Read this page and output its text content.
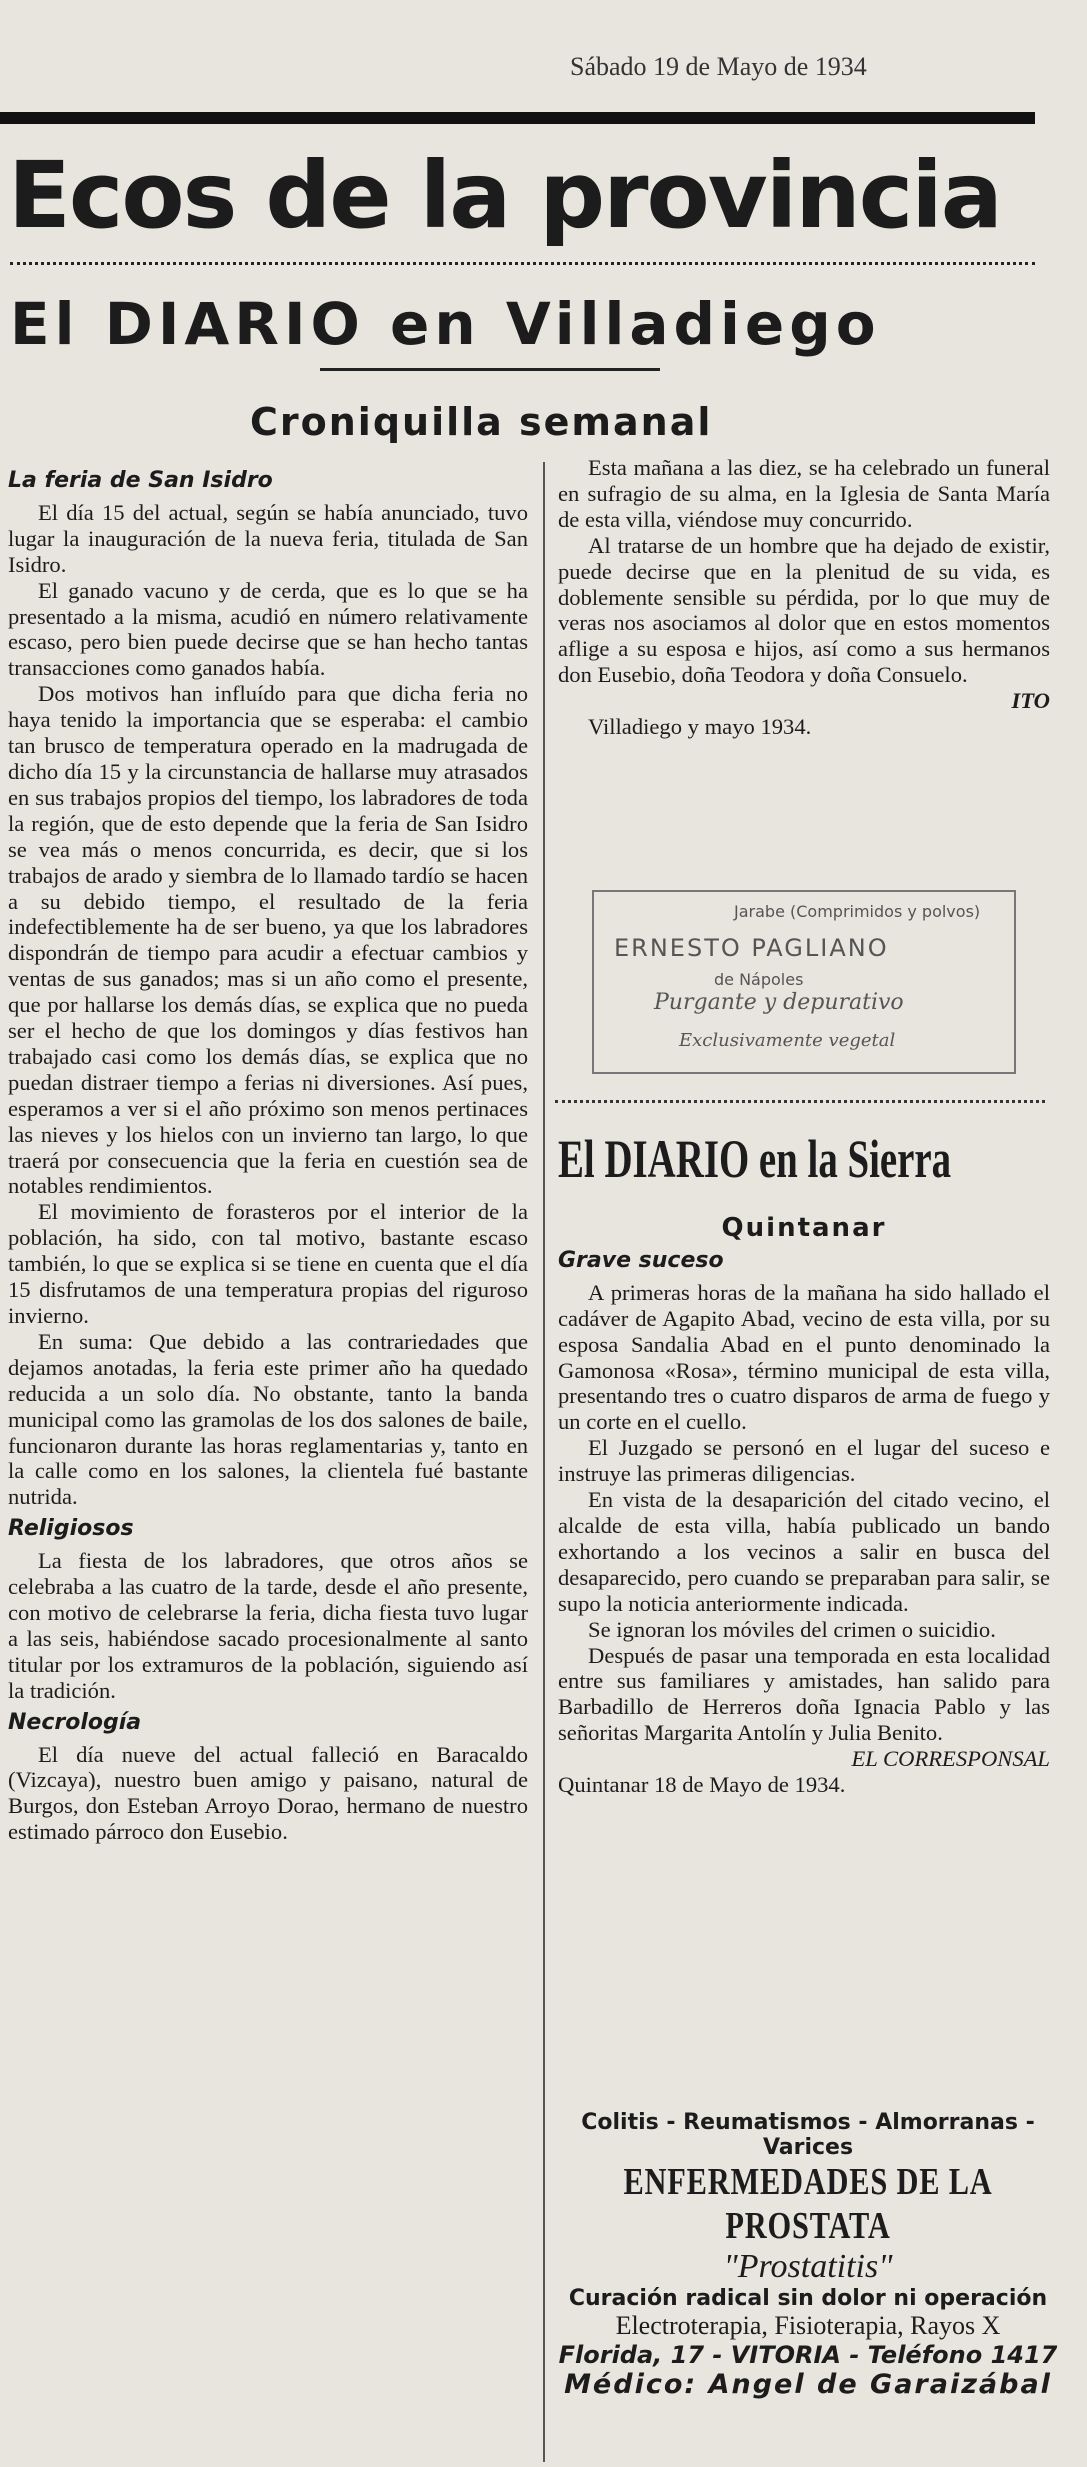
Sábado 19 de Mayo de 1934
Ecos de la provincia
El DIARIO en Villadiego
Croniquilla semanal
La feria de San Isidro

El día 15 del actual, según se había anunciado, tuvo lugar la inauguración de la nueva feria, titulada de San Isidro.

El ganado vacuno y de cerda, que es lo que se ha presentado a la misma, acudió en número relativamente escaso, pero bien puede decirse que se han hecho tantas transacciones como ganados había.

Dos motivos han influído para que dicha feria no haya tenido la importancia que se esperaba: el cambio tan brusco de temperatura operado en la madrugada de dicho día 15 y la circunstancia de hallarse muy atrasados en sus trabajos propios del tiempo, los labradores de toda la región, que de esto depende que la feria de San Isidro se vea más o menos concurrida, es decir, que si los trabajos de arado y siembra de lo llamado tardío se hacen a su debido tiempo, el resultado de la feria indefectiblemente ha de ser bueno, ya que los labradores dispondrán de tiempo para acudir a efectuar cambios y ventas de sus ganados; mas si un año como el presente, que por hallarse los demás días, se explica que no pueda ser el hecho de que los domingos y días festivos han trabajado casi como los demás días, se explica que no puedan distraer tiempo a ferias ni diversiones. Así pues, esperamos a ver si el año próximo son menos pertinaces las nieves y los hielos con un invierno tan largo, lo que traerá por consecuencia que la feria en cuestión sea de notables rendimientos.

El movimiento de forasteros por el interior de la población, ha sido, con tal motivo, bastante escaso también, lo que se explica si se tiene en cuenta que el día 15 disfrutamos de una temperatura propias del riguroso invierno.

En suma: Que debido a las contrariedades que dejamos anotadas, la feria este primer año ha quedado reducida a un solo día. No obstante, tanto la banda municipal como las gramolas de los dos salones de baile, funcionaron durante las horas reglamentarias y, tanto en la calle como en los salones, la clientela fué bastante nutrida.

Religiosos

La fiesta de los labradores, que otros años se celebraba a las cuatro de la tarde, desde el año presente, con motivo de celebrarse la feria, dicha fiesta tuvo lugar a las seis, habiéndose sacado procesionalmente al santo titular por los extramuros de la población, siguiendo así la tradición.

Necrología

El día nueve del actual falleció en Baracaldo (Vizcaya), nuestro buen amigo y paisano, natural de Burgos, don Esteban Arroyo Dorao, hermano de nuestro estimado párroco don Eusebio.

Esta mañana a las diez, se ha celebrado un funeral en sufragio de su alma, en la Iglesia de Santa María de esta villa, viéndose muy concurrido.

Al tratarse de un hombre que ha dejado de existir, puede decirse que en la plenitud de su vida, es doblemente sensible su pérdida, por lo que muy de veras nos asociamos al dolor que en estos momentos aflige a su esposa e hijos, así como a sus hermanos don Eusebio, doña Teodora y doña Consuelo.

ITO

Villadiego y mayo 1934.

Jarabe (Comprimidos y polvos)
ERNESTO PAGLIANO
de Nápoles
Purgante y depurativo
Exclusivamente vegetal
El DIARIO en la Sierra
Quintanar
Grave suceso

A primeras horas de la mañana ha sido hallado el cadáver de Agapito Abad, vecino de esta villa, por su esposa Sandalia Abad en el punto denominado la Gamonosa «Rosa», término municipal de esta villa, presentando tres o cuatro disparos de arma de fuego y un corte en el cuello.

El Juzgado se personó en el lugar del suceso e instruye las primeras diligencias.

En vista de la desaparición del citado vecino, el alcalde de esta villa, había publicado un bando exhortando a los vecinos a salir en busca del desaparecido, pero cuando se preparaban para salir, se supo la noticia anteriormente indicada.

Se ignoran los móviles del crimen o suicidio.

Después de pasar una temporada en esta localidad entre sus familiares y amistades, han salido para Barbadillo de Herreros doña Ignacia Pablo y las señoritas Margarita Antolín y Julia Benito.

EL CORRESPONSAL

Quintanar 18 de Mayo de 1934.

Colitis - Reumatismos - Almorranas - Varices
ENFERMEDADES DE LA PROSTATA
"Prostatitis"
Curación radical sin dolor ni operación
Electroterapia, Fisioterapia, Rayos X
Florida, 17 - VITORIA - Teléfono 1417
Médico: Angel de Garaizábal
